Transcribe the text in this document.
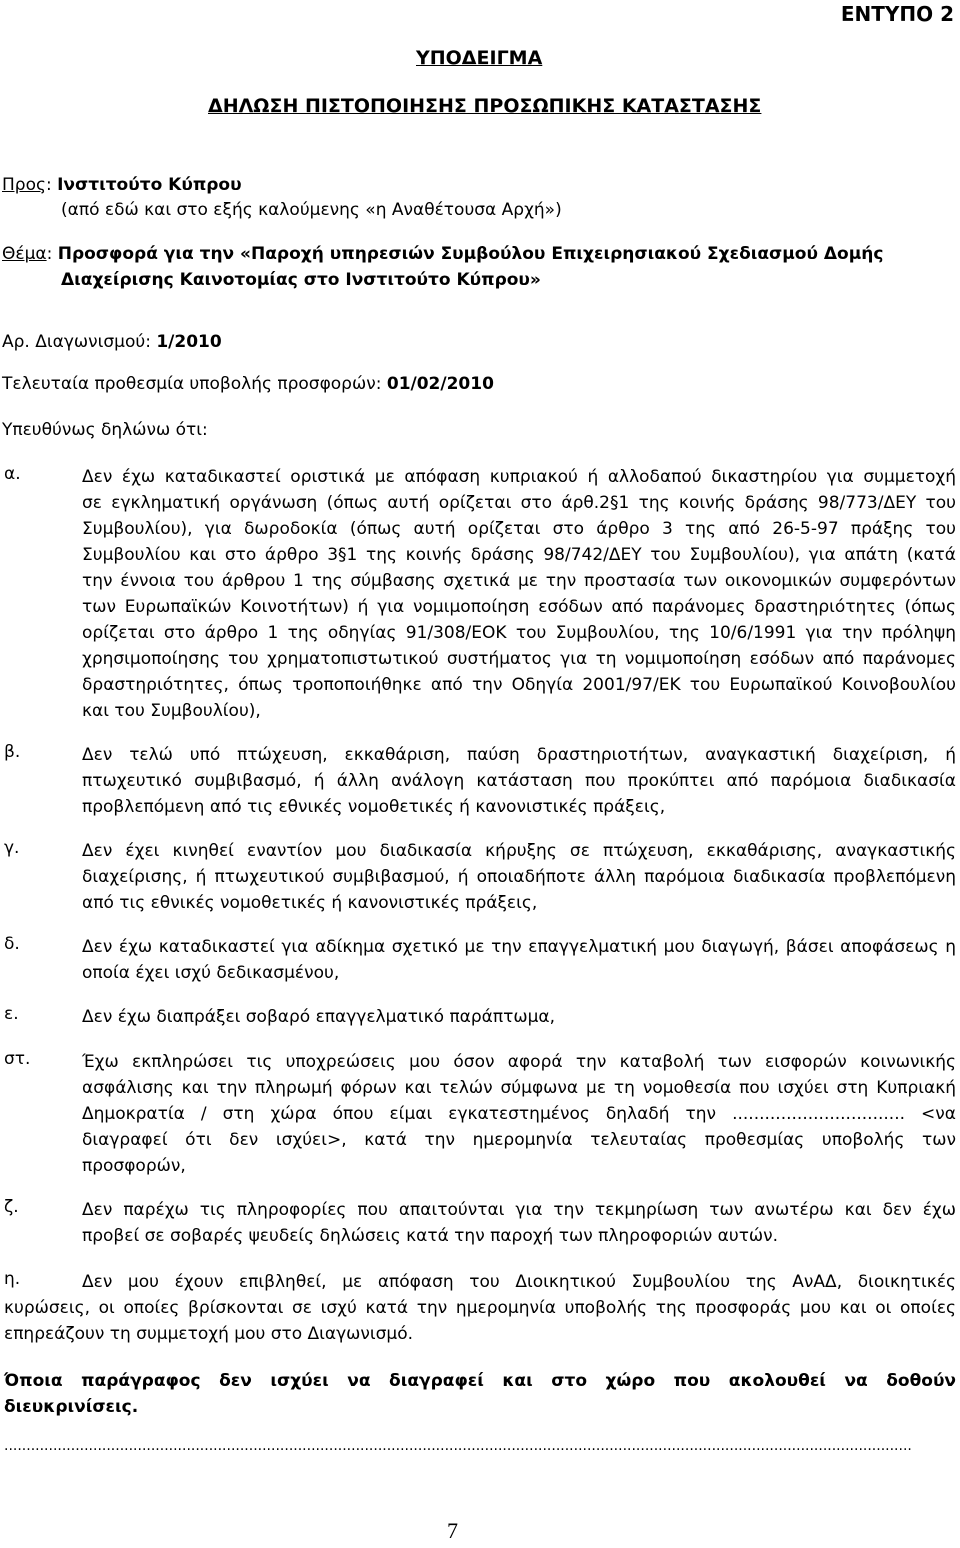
ΕΝΤΥΠΟ 2
ΥΠΟΔΕΙΓΜΑ
ΔΗΛΩΣΗ ΠΙΣΤΟΠΟΙΗΣΗΣ ΠΡΟΣΩΠΙΚΗΣ ΚΑΤΑΣΤΑΣΗΣ
Προς: Ινστιτούτο Κύπρου
(από εδώ και στο εξής καλούμενης «η Αναθέτουσα Αρχή»)
Θέμα: Προσφορά για την «Παροχή υπηρεσιών Συμβούλου Επιχειρησιακού Σχεδιασμού Δομής
Διαχείρισης Καινοτομίας στο Ινστιτούτο Κύπρου»
Αρ. Διαγωνισμού: 1/2010
Τελευταία προθεσμία υποβολής προσφορών: 01/02/2010
Υπευθύνως δηλώνω ότι:
α.	Δεν έχω καταδικαστεί οριστικά με απόφαση κυπριακού ή αλλοδαπού δικαστηρίου για συμμετοχή
σε εγκληματική οργάνωση (όπως αυτή ορίζεται στο άρθ.2§1 της κοινής δράσης 98/773/ΔΕΥ του
Συμβουλίου), για δωροδοκία (όπως αυτή ορίζεται στο άρθρο 3 της από 26-5-97 πράξης του
Συμβουλίου και στο άρθρο 3§1 της κοινής δράσης 98/742/ΔΕΥ του Συμβουλίου), για απάτη (κατά
την έννοια του άρθρου 1 της σύμβασης σχετικά με την προστασία των οικονομικών συμφερόντων
των Ευρωπαϊκών Κοινοτήτων) ή για νομιμοποίηση εσόδων από παράνομες δραστηριότητες (όπως
ορίζεται στο άρθρο 1 της οδηγίας 91/308/ΕΟΚ του Συμβουλίου, της 10/6/1991 για την πρόληψη
χρησιμοποίησης του χρηματοπιστωτικού συστήματος για τη νομιμοποίηση εσόδων από παράνομες
δραστηριότητες, όπως τροποποιήθηκε από την Οδηγία 2001/97/ΕΚ του Ευρωπαϊκού Κοινοβουλίου
και του Συμβουλίου),
β.	Δεν τελώ υπό πτώχευση, εκκαθάριση, παύση δραστηριοτήτων, αναγκαστική διαχείριση, ή
πτωχευτικό συμβιβασμό, ή άλλη ανάλογη κατάσταση που προκύπτει από παρόμοια διαδικασία
προβλεπόμενη από τις εθνικές νομοθετικές ή κανονιστικές πράξεις,
γ.	Δεν έχει κινηθεί εναντίον μου διαδικασία κήρυξης σε πτώχευση, εκκαθάρισης, αναγκαστικής
διαχείρισης, ή πτωχευτικού συμβιβασμού, ή οποιαδήποτε άλλη παρόμοια διαδικασία προβλεπόμενη
από τις εθνικές νομοθετικές ή κανονιστικές πράξεις,
δ.	Δεν έχω καταδικαστεί για αδίκημα σχετικό με την επαγγελματική μου διαγωγή, βάσει αποφάσεως η
οποία έχει ισχύ δεδικασμένου,
ε.	Δεν έχω διαπράξει σοβαρό επαγγελματικό παράπτωμα,
στ.	Έχω εκπληρώσει τις υποχρεώσεις μου όσον αφορά την καταβολή των εισφορών κοινωνικής
ασφάλισης και την πληρωμή φόρων και τελών σύμφωνα με τη νομοθεσία που ισχύει στη Κυπριακή
Δημοκρατία / στη χώρα όπου είμαι εγκατεστημένος δηλαδή την ................................ <να
διαγραφεί ότι δεν ισχύει>, κατά την ημερομηνία τελευταίας προθεσμίας υποβολής των
προσφορών,
ζ.	Δεν παρέχω τις πληροφορίες που απαιτούνται για την τεκμηρίωση των ανωτέρω και δεν έχω
προβεί σε σοβαρές ψευδείς δηλώσεις κατά την παροχή των πληροφοριών αυτών.
η.	Δεν μου έχουν επιβληθεί, με απόφαση του Διοικητικού Συμβουλίου της ΑνΑΔ, διοικητικές
κυρώσεις, οι οποίες βρίσκονται σε ισχύ κατά την ημερομηνία υποβολής της προσφοράς μου και οι οποίες
επηρεάζουν τη συμμετοχή μου στο Διαγωνισμό.
Όποια παράγραφος δεν ισχύει να διαγραφεί και στο χώρο που ακολουθεί να δοθούν
διευκρινίσεις.
............................................................................................................................................................................................................
7
